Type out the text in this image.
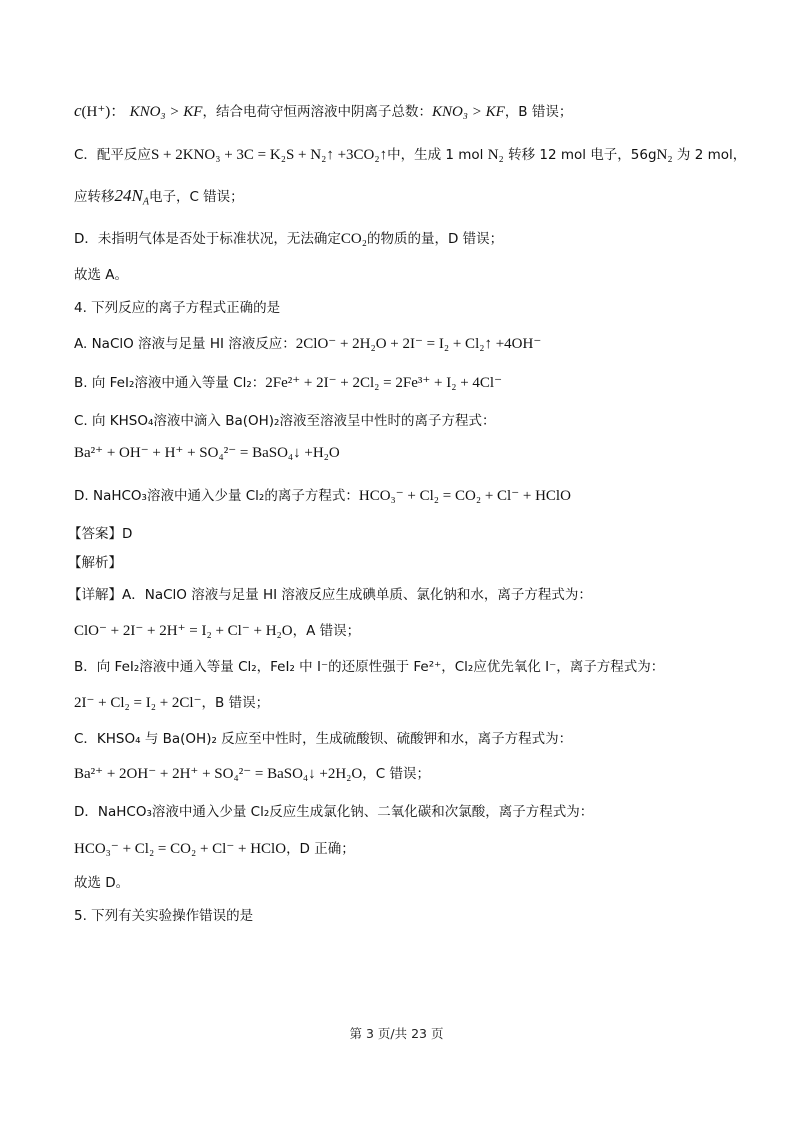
c(H⁺)： KNO₃ > KF，结合电荷守恒两溶液中阴离子总数：KNO₃ > KF，B 错误；
C．配平反应S + 2KNO₃ + 3C = K₂S + N₂↑ +3CO₂↑中，生成 1 mol N₂ 转移 12 mol 电子，56gN₂ 为 2 mol，
应转移$24N_A$电子，C 错误；
D．未指明气体是否处于标准状况，无法确定CO₂的物质的量，D 错误；
故选 A。
4. 下列反应的离子方程式正确的是
A. NaClO 溶液与足量 HI 溶液反应：2ClO⁻ + 2H₂O + 2I⁻ = I₂ + Cl₂↑ +4OH⁻
B. 向 FeI₂溶液中通入等量 Cl₂：2Fe²⁺ + 2I⁻ + 2Cl₂ = 2Fe³⁺ + I₂ + 4Cl⁻
C. 向 KHSO₄溶液中滴入 Ba(OH)₂溶液至溶液呈中性时的离子方程式：
Ba²⁺ + OH⁻ + H⁺ + SO₄²⁻ = BaSO₄↓ +H₂O
D. NaHCO₃溶液中通入少量 Cl₂的离子方程式：HCO₃⁻ + Cl₂ = CO₂ + Cl⁻ + HClO
【答案】D
【解析】
【详解】A．NaClO 溶液与足量 HI 溶液反应生成碘单质、氯化钠和水，离子方程式为：
ClO⁻ + 2I⁻ + 2H⁺ = I₂ + Cl⁻ + H₂O，A 错误；
B．向 FeI₂溶液中通入等量 Cl₂，FeI₂ 中 I⁻的还原性强于 Fe²⁺，Cl₂应优先氧化 I⁻，离子方程式为：
2I⁻ + Cl₂ = I₂ + 2Cl⁻，B 错误；
C．KHSO₄ 与 Ba(OH)₂ 反应至中性时，生成硫酸钡、硫酸钾和水，离子方程式为：
Ba²⁺ + 2OH⁻ + 2H⁺ + SO₄²⁻ = BaSO₄↓ +2H₂O，C 错误；
D．NaHCO₃溶液中通入少量 Cl₂反应生成氯化钠、二氧化碳和次氯酸，离子方程式为：
HCO₃⁻ + Cl₂ = CO₂ + Cl⁻ + HClO，D 正确；
故选 D。
5. 下列有关实验操作错误的是
第 3 页/共 23 页
